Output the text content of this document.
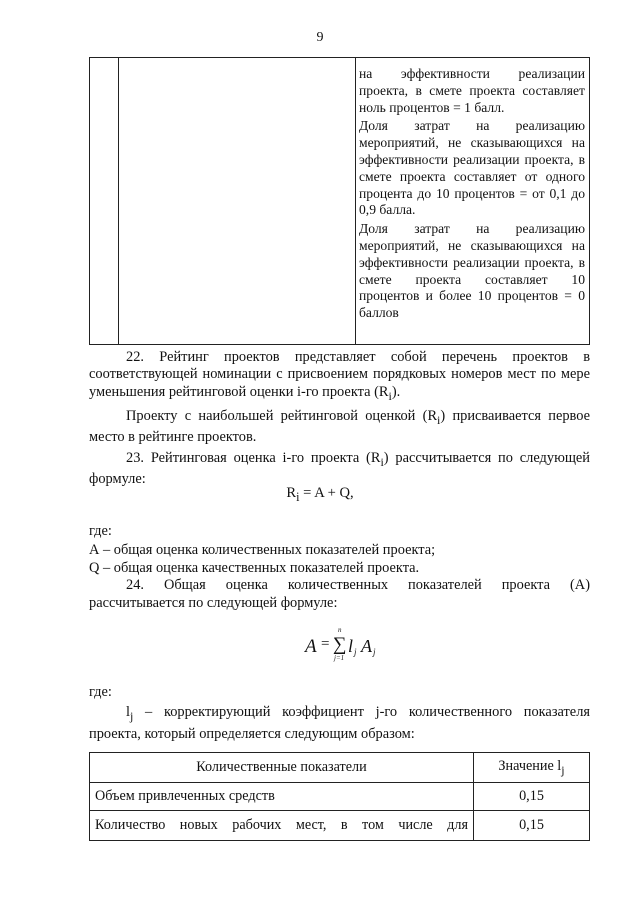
9

на эффективности реализации проекта, в смете проекта составляет ноль процентов = 1 балл.

Доля затрат на реализацию мероприятий, не сказывающихся на эффективности реализации проекта, в смете проекта составляет от одного процента до 10 процентов = от 0,1 до 0,9 балла.

Доля затрат на реализацию мероприятий, не сказывающихся на эффективности реализации проекта, в смете проекта составляет 10 процентов и более 10 процентов = 0 баллов

22. Рейтинг проектов представляет собой перечень проектов в соответствующей номинации с присвоением порядковых номеров мест по мере уменьшения рейтинговой оценки i-го проекта $(R_i)$.

Проекту с наибольшей рейтинговой оценкой $(R_i)$ присваивается первое место в рейтинге проектов.

23. Рейтинговая оценка i-го проекта $(R_i)$ рассчитывается по следующей формуле:

$R_i = A + Q$,

где:

А – общая оценка количественных показателей проекта;

Q – общая оценка качественных показателей проекта.

24. Общая оценка количественных показателей проекта (А) рассчитывается по следующей формуле:

A = ∑
n
j=1
l j A j

где:

$l_j$ – корректирующий коэффициент j-го количественного показателя проекта, который определяется следующим образом:

Количественные показатели	Значение $l_j$
Объем привлеченных средств	0,15
Количество новых рабочих мест, в том числе для	0,15
